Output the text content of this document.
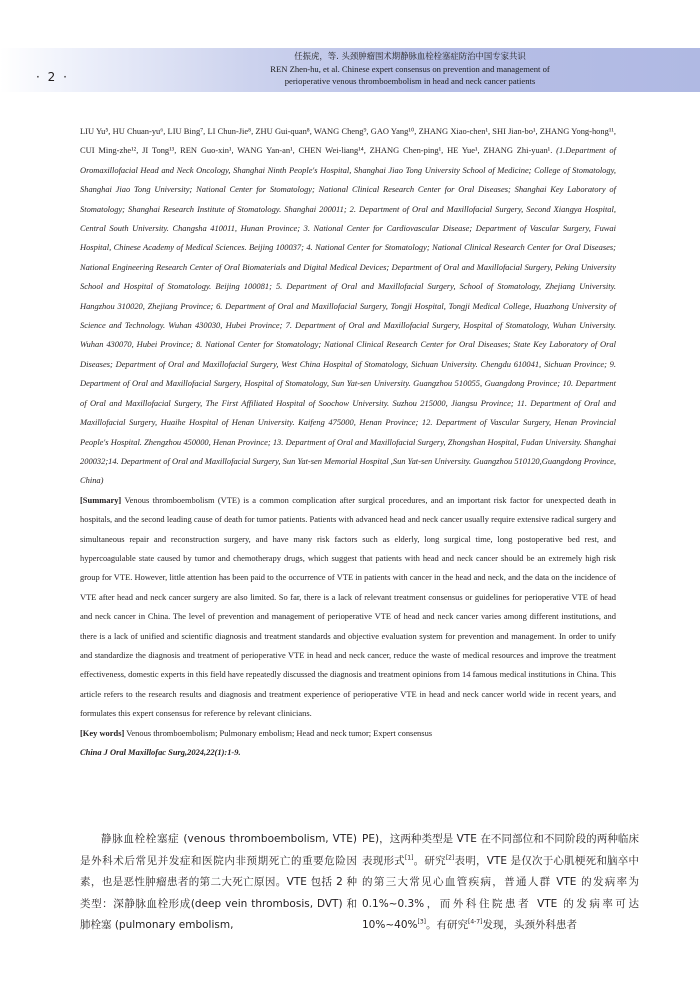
· 2 ·
任振虎，等. 头颈肿瘤围术期静脉血栓栓塞症防治中国专家共识
REN Zhen-hu, et al. Chinese expert consensus on prevention and management of
perioperative venous thromboembolism in head and neck cancer patients

LIU Yu⁵, HU Chuan-yu⁶, LIU Bing⁷, LI Chun-Jie⁸, ZHU Gui-quan⁸, WANG Cheng⁹, GAO Yang¹⁰, ZHANG Xiao-chen¹, SHI Jian-bo¹, ZHANG Yong-hong¹¹, CUI Ming-zhe¹², JI Tong¹³, REN Guo-xin¹, WANG Yan-an¹, CHEN Wei-liang¹⁴, ZHANG Chen-ping¹, HE Yue¹, ZHANG Zhi-yuan¹. (1.Department of Oromaxillofacial Head and Neck Oncology, Shanghai Ninth People's Hospital, Shanghai Jiao Tong University School of Medicine; College of Stomatology, Shanghai Jiao Tong University; National Center for Stomatology; National Clinical Research Center for Oral Diseases; Shanghai Key Laboratory of Stomatology; Shanghai Research Institute of Stomatology. Shanghai 200011; 2. Department of Oral and Maxillofacial Surgery, Second Xiangya Hospital, Central South University. Changsha 410011, Hunan Province; 3. National Center for Cardiovascular Disease; Department of Vascular Surgery, Fuwai Hospital, Chinese Academy of Medical Sciences. Beijing 100037; 4. National Center for Stomatology; National Clinical Research Center for Oral Diseases; National Engineering Research Center of Oral Biomaterials and Digital Medical Devices; Department of Oral and Maxillofacial Surgery, Peking University School and Hospital of Stomatology. Beijing 100081; 5. Department of Oral and Maxillofacial Surgery, School of Stomatology, Zhejiang University. Hangzhou 310020, Zhejiang Province; 6. Department of Oral and Maxillofacial Surgery, Tongji Hospital, Tongji Medical College, Huazhong University of Science and Technology. Wuhan 430030, Hubei Province; 7. Department of Oral and Maxillofacial Surgery, Hospital of Stomatology, Wuhan University. Wuhan 430070, Hubei Province; 8. National Center for Stomatology; National Clinical Research Center for Oral Diseases; State Key Laboratory of Oral Diseases; Department of Oral and Maxillofacial Surgery, West China Hospital of Stomatology, Sichuan University. Chengdu 610041, Sichuan Province; 9. Department of Oral and Maxillofacial Surgery, Hospital of Stomatology, Sun Yat-sen University. Guangzhou 510055, Guangdong Province; 10. Department of Oral and Maxillofacial Surgery, The First Affiliated Hospital of Soochow University. Suzhou 215000, Jiangsu Province; 11. Department of Oral and Maxillofacial Surgery, Huaihe Hospital of Henan University. Kaifeng 475000, Henan Province; 12. Department of Vascular Surgery, Henan Provincial People's Hospital. Zhengzhou 450000, Henan Province; 13. Department of Oral and Maxillofacial Surgery, Zhongshan Hospital, Fudan University. Shanghai 200032;14. Department of Oral and Maxillofacial Surgery, Sun Yat-sen Memorial Hospital ,Sun Yat-sen University. Guangzhou 510120,Guangdong Province, China)

[Summary] Venous thromboembolism (VTE) is a common complication after surgical procedures, and an important risk factor for unexpected death in hospitals, and the second leading cause of death for tumor patients. Patients with advanced head and neck cancer usually require extensive radical surgery and simultaneous repair and reconstruction surgery, and have many risk factors such as elderly, long surgical time, long postoperative bed rest, and hypercoagulable state caused by tumor and chemotherapy drugs, which suggest that patients with head and neck cancer should be an extremely high risk group for VTE. However, little attention has been paid to the occurrence of VTE in patients with cancer in the head and neck, and the data on the incidence of VTE after head and neck cancer surgery are also limited. So far, there is a lack of relevant treatment consensus or guidelines for perioperative VTE of head and neck cancer in China. The level of prevention and management of perioperative VTE of head and neck cancer varies among different institutions, and there is a lack of unified and scientific diagnosis and treatment standards and objective evaluation system for prevention and management. In order to unify and standardize the diagnosis and treatment of perioperative VTE in head and neck cancer, reduce the waste of medical resources and improve the treatment effectiveness, domestic experts in this field have repeatedly discussed the diagnosis and treatment opinions from 14 famous medical institutions in China. This article refers to the research results and diagnosis and treatment experience of perioperative VTE in head and neck cancer world wide in recent years, and formulates this expert consensus for reference by relevant clinicians.

[Key words] Venous thromboembolism; Pulmonary embolism; Head and neck tumor; Expert consensus

China J Oral Maxillofac Surg,2024,22(1):1-9.

静脉血栓栓塞症 (venous thromboembolism, VTE)是外科术后常见并发症和医院内非预期死亡的重要危险因素，也是恶性肿瘤患者的第二大死亡原因。VTE 包括 2 种类型：深静脉血栓形成(deep vein thrombosis, DVT) 和肺栓塞 (pulmonary embolism,

PE)，这两种类型是 VTE 在不同部位和不同阶段的两种临床表现形式[1]。研究[2]表明，VTE 是仅次于心肌梗死和脑卒中的第三大常见心血管疾病，普通人群 VTE 的发病率为 0.1%~0.3%，而外科住院患者 VTE 的发病率可达 10%~40%[3]。有研究[4-7]发现，头颈外科患者
